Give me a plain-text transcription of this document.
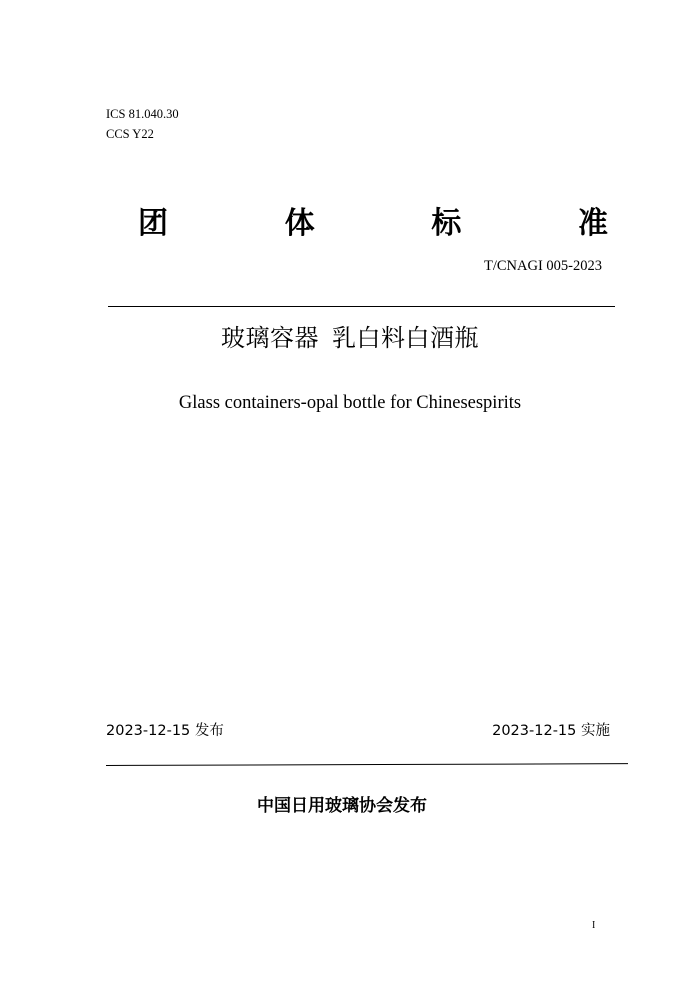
ICS 81.040.30
CCS Y22
团	体	标	准
T/CNAGI 005-2023
玻璃容器  乳白料白酒瓶
Glass containers-opal bottle for Chinesespirits
2023-12-15 发布	2023-12-15 实施
中国日用玻璃协会发布
I
